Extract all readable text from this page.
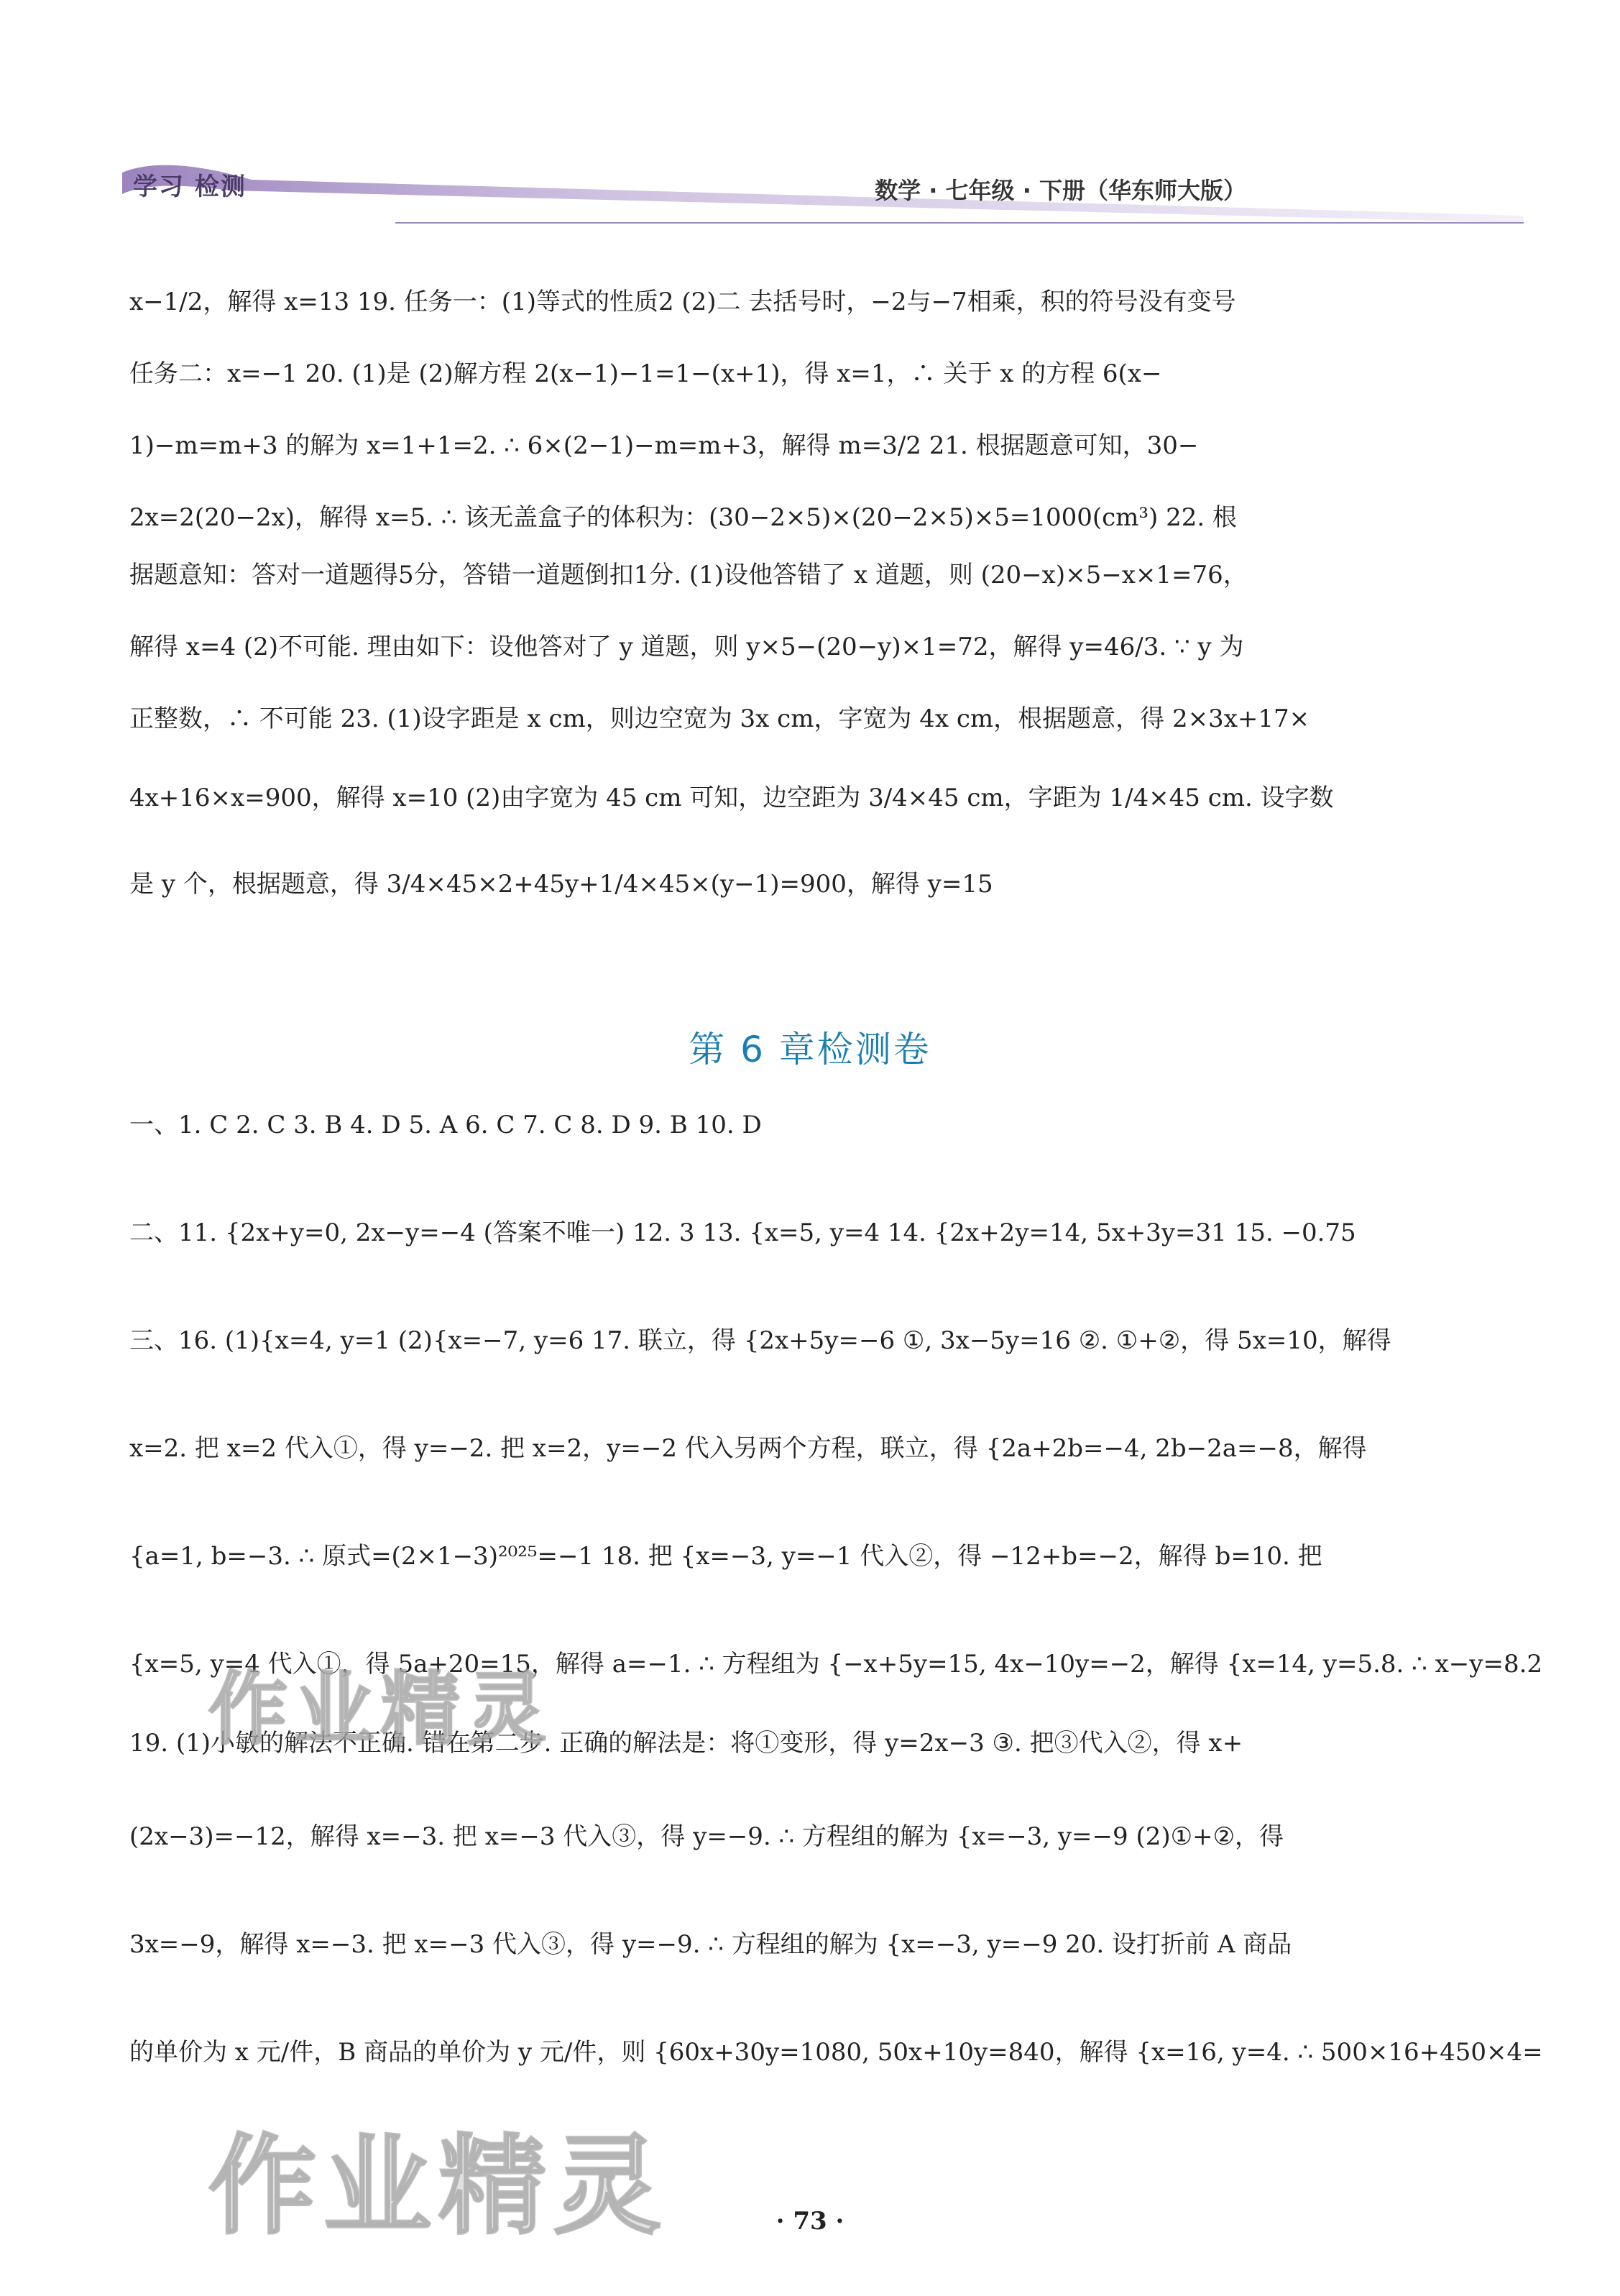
学习 检测	数学 · 七年级 · 下册（华东师大版）
x−1/2，解得 x=13 19. 任务一：(1)等式的性质2 (2)二 去括号时，−2与−7相乘，积的符号没有变号
任务二：x=−1 20. (1)是 (2)解方程 2(x−1)−1=1−(x+1)，得 x=1，∴ 关于 x 的方程 6(x−
1)−m=m+3 的解为 x=1+1=2. ∴ 6×(2−1)−m=m+3，解得 m=3/2 21. 根据题意可知，30−
2x=2(20−2x)，解得 x=5. ∴ 该无盖盒子的体积为：(30−2×5)×(20−2×5)×5=1000(cm³) 22. 根
据题意知：答对一道题得5分，答错一道题倒扣1分. (1)设他答错了 x 道题，则 (20−x)×5−x×1=76，
解得 x=4 (2)不可能. 理由如下：设他答对了 y 道题，则 y×5−(20−y)×1=72，解得 y=46/3. ∵ y 为
正整数，∴ 不可能 23. (1)设字距是 x cm，则边空宽为 3x cm，字宽为 4x cm，根据题意，得 2×3x+17×
4x+16×x=900，解得 x=10 (2)由字宽为 45 cm 可知，边空距为 3/4×45 cm，字距为 1/4×45 cm. 设字数
是 y 个，根据题意，得 3/4×45×2+45y+1/4×45×(y−1)=900，解得 y=15
第 6 章检测卷
一、1. C 2. C 3. B 4. D 5. A 6. C 7. C 8. D 9. B 10. D
二、11. {2x+y=0, 2x−y=−4 (答案不唯一) 12. 3 13. {x=5, y=4 14. {2x+2y=14, 5x+3y=31 15. −0.75
三、16. (1){x=4, y=1 (2){x=−7, y=6 17. 联立，得 {2x+5y=−6 ①, 3x−5y=16 ②. ①+②，得 5x=10，解得
x=2. 把 x=2 代入①，得 y=−2. 把 x=2，y=−2 代入另两个方程，联立，得 {2a+2b=−4, 2b−2a=−8，解得
{a=1, b=−3. ∴ 原式=(2×1−3)²⁰²⁵=−1 18. 把 {x=−3, y=−1 代入②，得 −12+b=−2，解得 b=10. 把
{x=5, y=4 代入①，得 5a+20=15，解得 a=−1. ∴ 方程组为 {−x+5y=15, 4x−10y=−2，解得 {x=14, y=5.8. ∴ x−y=8.2
19. (1)小敏的解法不正确. 错在第二步. 正确的解法是：将①变形，得 y=2x−3 ③. 把③代入②，得 x+
(2x−3)=−12，解得 x=−3. 把 x=−3 代入③，得 y=−9. ∴ 方程组的解为 {x=−3, y=−9 (2)①+②，得
3x=−9，解得 x=−3. 把 x=−3 代入③，得 y=−9. ∴ 方程组的解为 {x=−3, y=−9 20. 设打折前 A 商品
的单价为 x 元/件，B 商品的单价为 y 元/件，则 {60x+30y=1080, 50x+10y=840，解得 {x=16, y=4. ∴ 500×16+450×4=
作业精灵
作业精灵	· 73 ·
